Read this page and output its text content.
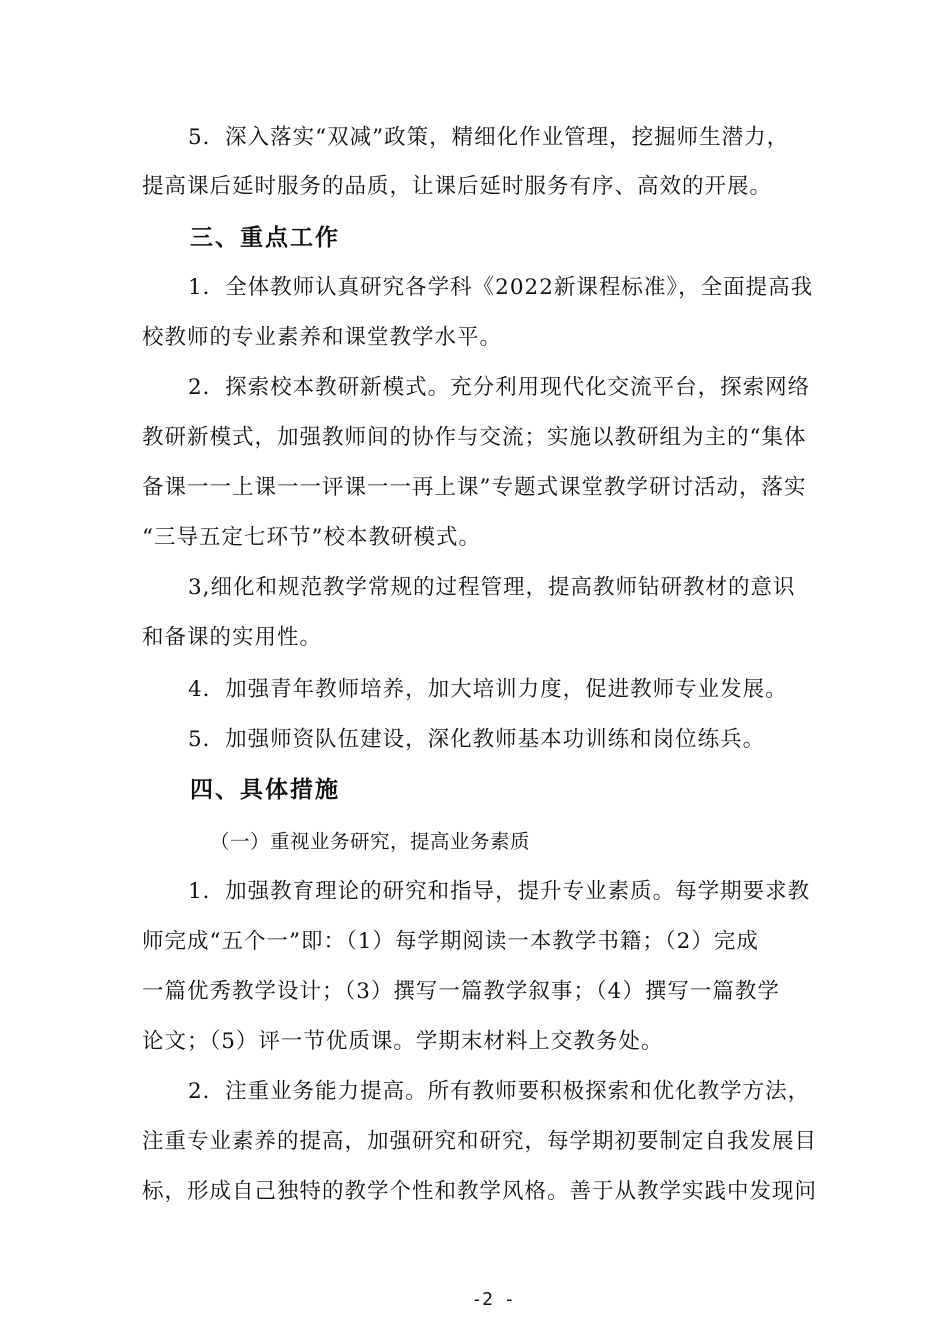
5．深入落实“双减”政策，精细化作业管理，挖掘师生潜力，
提高课后延时服务的品质，让课后延时服务有序、高效的开展。
三、重点工作
1．全体教师认真研究各学科《2022新课程标准》，全面提高我
校教师的专业素养和课堂教学水平。
2．探索校本教研新模式。充分利用现代化交流平台，探索网络
教研新模式，加强教师间的协作与交流；实施以教研组为主的“集体
备课一一上课一一评课一一再上课”专题式课堂教学研讨活动，落实
“三导五定七环节”校本教研模式。
3,细化和规范教学常规的过程管理，提高教师钻研教材的意识
和备课的实用性。
4．加强青年教师培养，加大培训力度，促进教师专业发展。
5．加强师资队伍建设，深化教师基本功训练和岗位练兵。
四、具体措施
（一）重视业务研究，提高业务素质
1．加强教育理论的研究和指导，提升专业素质。每学期要求教
师完成“五个一”即：（1）每学期阅读一本教学书籍；（2）完成
一篇优秀教学设计；（3）撰写一篇教学叙事；（4）撰写一篇教学
论文；（5）评一节优质课。学期末材料上交教务处。
2．注重业务能力提高。所有教师要积极探索和优化教学方法，
注重专业素养的提高，加强研究和研究，每学期初要制定自我发展目
标，形成自己独特的教学个性和教学风格。善于从教学实践中发现问
-2 -
